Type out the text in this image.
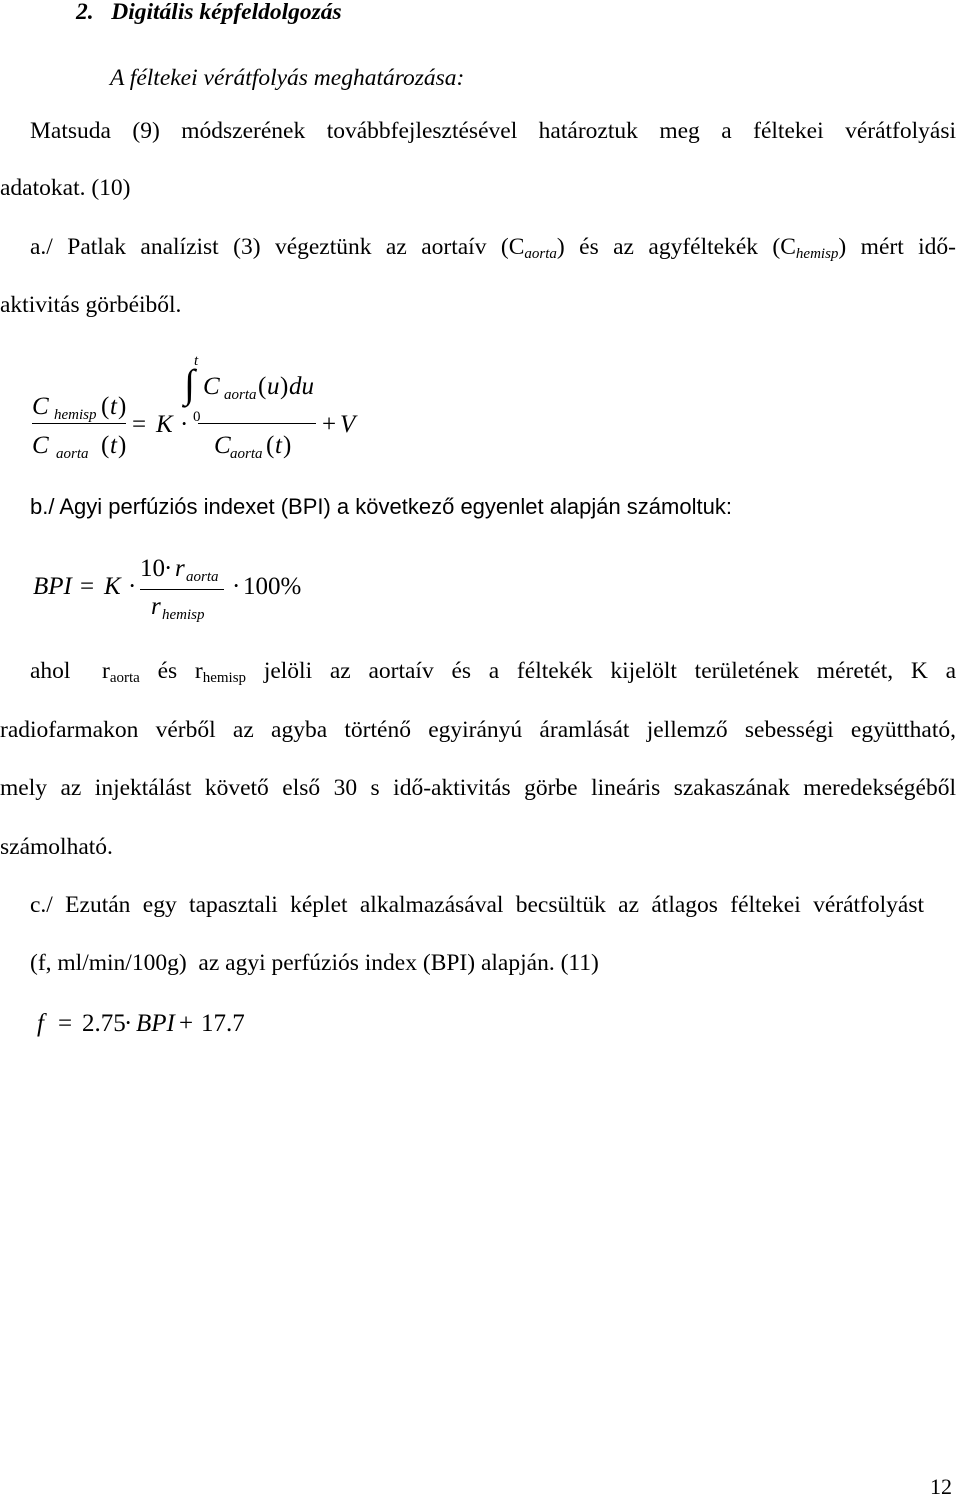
2. Digitális képfeldolgozás
A féltekei vérátfolyás meghatározása:
Matsuda (9) módszerének továbbfejlesztésével határoztuk meg a féltekei vérátfolyási
adatokat. (10)
a./ Patlak analízist (3) végeztünk az aortaív $(C_{aorta})$ és az agyféltekék $(C_{hemisp})$ mért idő-
aktivitás görbéiből.
C hemisp ( t )
C aorta ( t )
= K ·
t
∫
0
C aorta ( u ) du
C aorta ( t )
+ V
b./ Agyi perfúziós indexet (BPI) a következő egyenlet alapján számoltuk:
BPI = K ·
10 · r aorta
r hemisp
· 100%
ahol $r_{aorta}$ és $r_{hemisp}$ jelöli az aortaív és a féltekék kijelölt területének méretét, K a
radiofarmakon vérből az agyba történő egyirányú áramlását jellemző sebességi együttható,
mely az injektálást követő első 30 s idő-aktivitás görbe lineáris szakaszának meredekségéből
számolható.
c./ Ezután egy tapasztali képlet alkalmazásával becsültük az átlagos féltekei vérátfolyást
(f, ml/min/100g)  az agyi perfúziós index (BPI) alapján. (11)
f = 2.75
· BPI + 17.7
12
